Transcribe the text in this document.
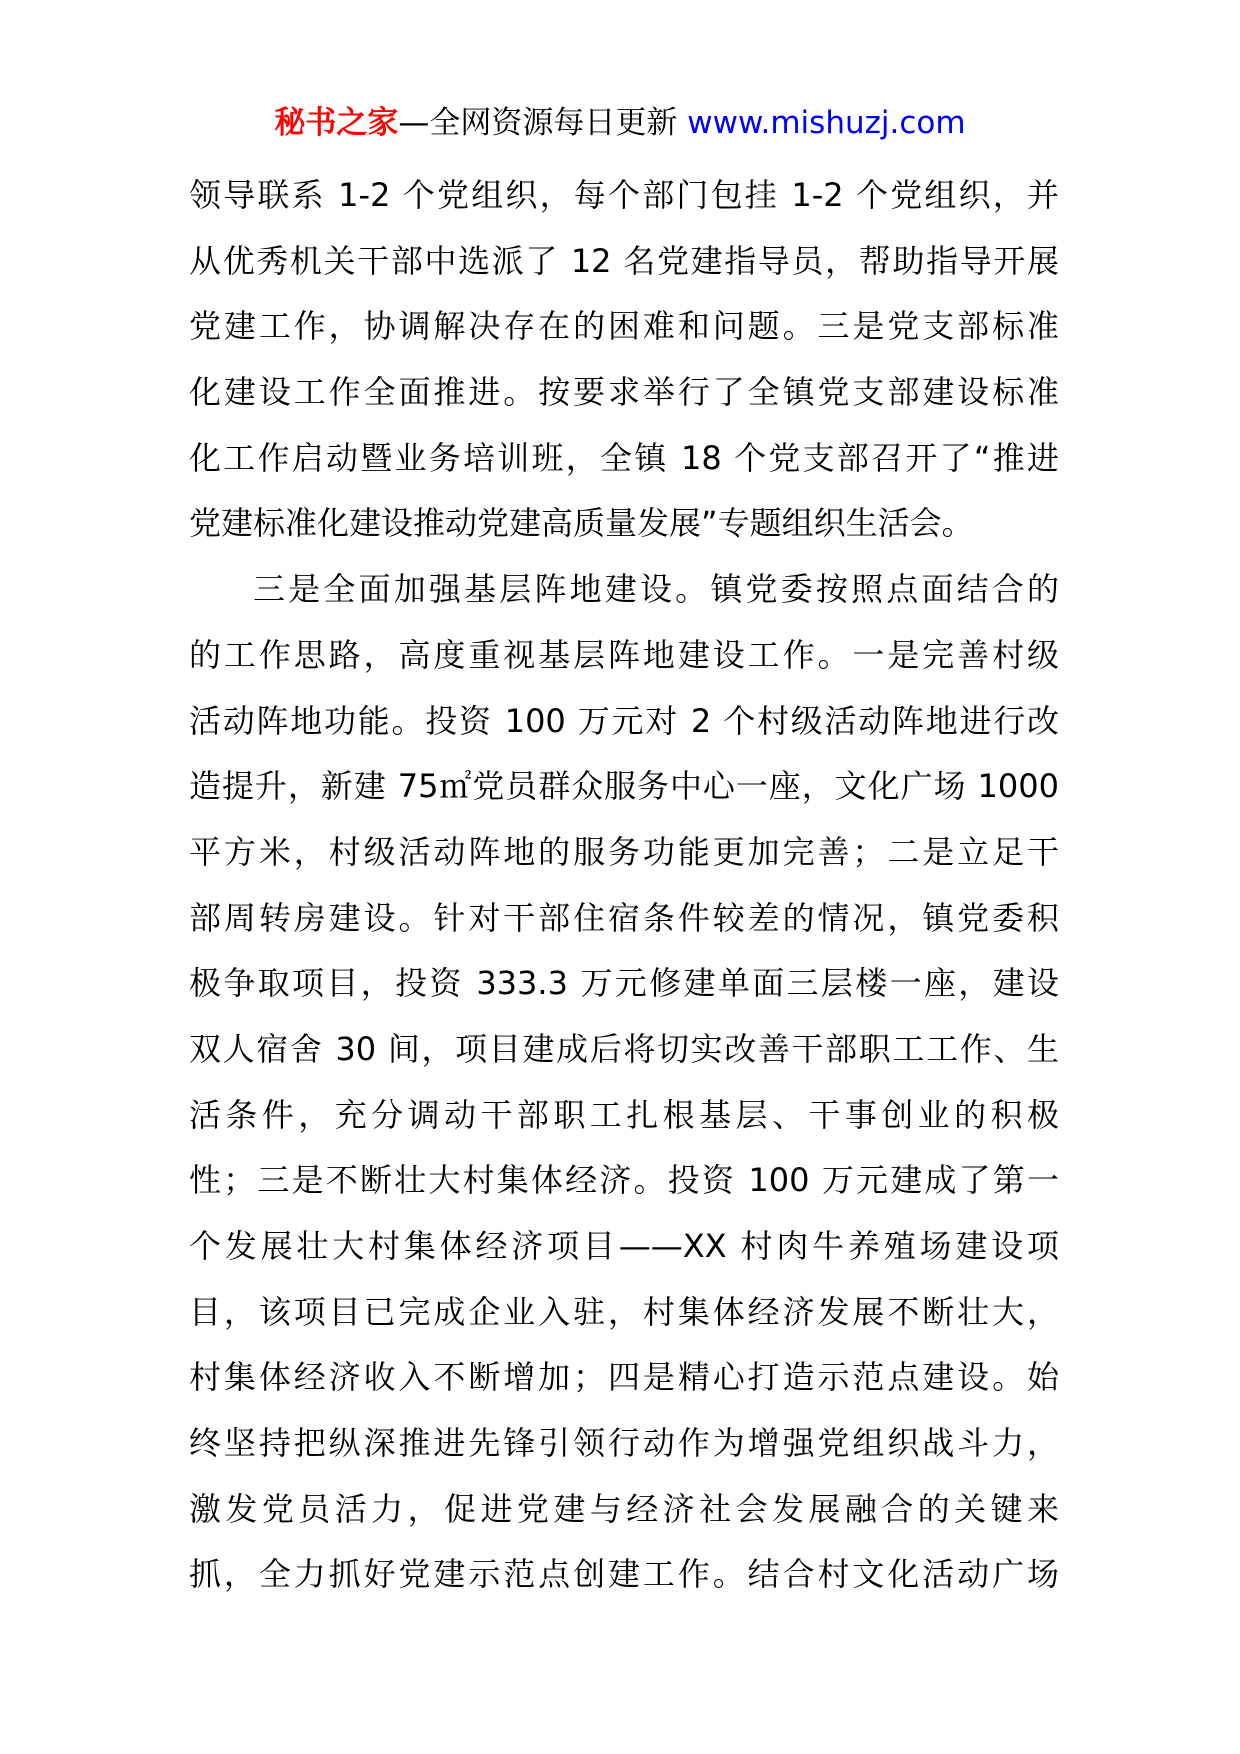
秘书之家—全网资源每日更新 www.mishuzj.com
领导联系 1-2 个党组织，每个部门包挂 1-2 个党组织，并
从优秀机关干部中选派了 12 名党建指导员，帮助指导开展
党建工作，协调解决存在的困难和问题。三是党支部标准
化建设工作全面推进。按要求举行了全镇党支部建设标准
化工作启动暨业务培训班，全镇 18 个党支部召开了“推进
党建标准化建设推动党建高质量发展”专题组织生活会。
三是全面加强基层阵地建设。镇党委按照点面结合的
的工作思路，高度重视基层阵地建设工作。一是完善村级
活动阵地功能。投资 100 万元对 2 个村级活动阵地进行改
造提升，新建 75㎡党员群众服务中心一座，文化广场 1000
平方米，村级活动阵地的服务功能更加完善；二是立足干
部周转房建设。针对干部住宿条件较差的情况，镇党委积
极争取项目，投资 333.3 万元修建单面三层楼一座，建设
双人宿舍 30 间，项目建成后将切实改善干部职工工作、生
活条件，充分调动干部职工扎根基层、干事创业的积极
性；三是不断壮大村集体经济。投资 100 万元建成了第一
个发展壮大村集体经济项目——XX 村肉牛养殖场建设项
目，该项目已完成企业入驻，村集体经济发展不断壮大，
村集体经济收入不断增加；四是精心打造示范点建设。始
终坚持把纵深推进先锋引领行动作为增强党组织战斗力，
激发党员活力，促进党建与经济社会发展融合的关键来
抓，全力抓好党建示范点创建工作。结合村文化活动广场
